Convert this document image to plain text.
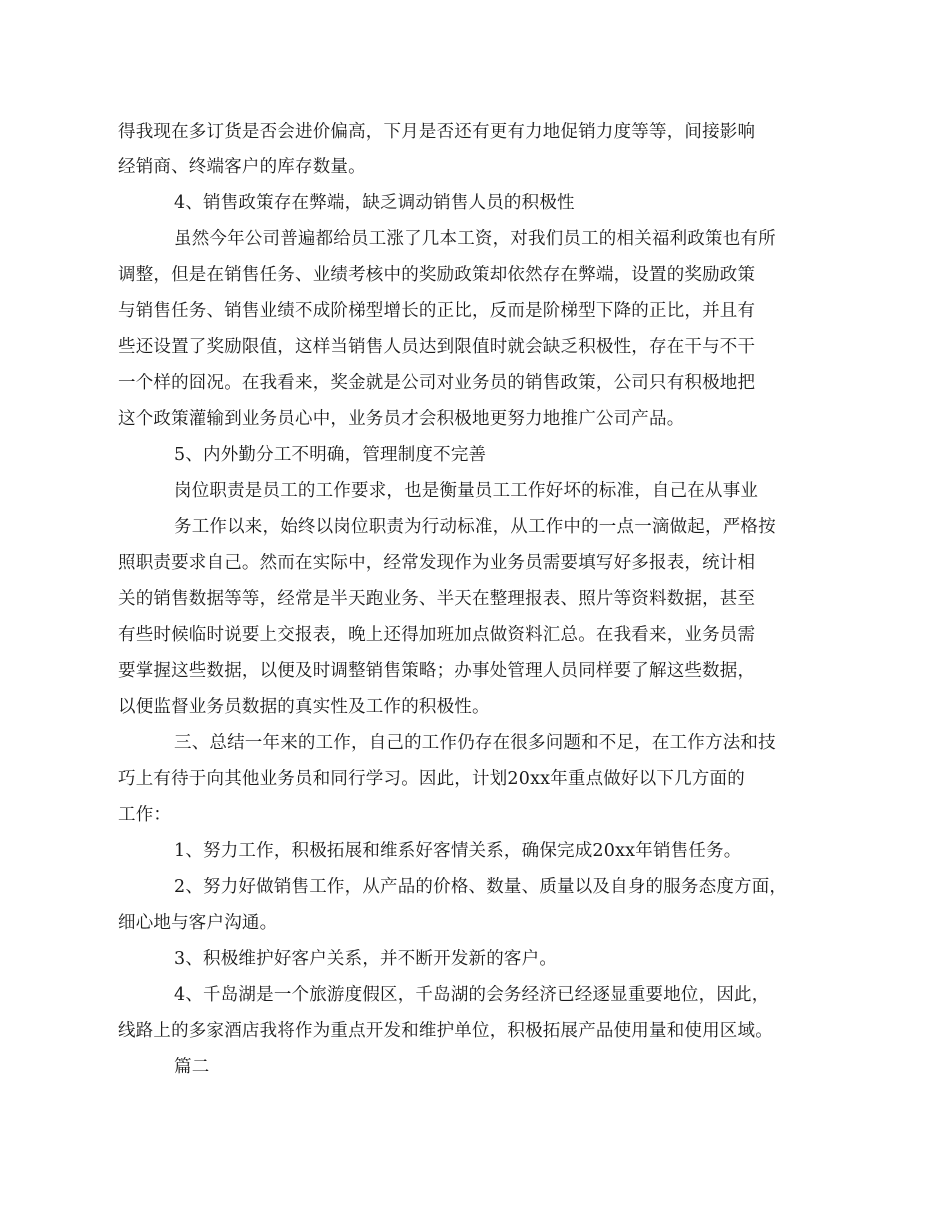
得我现在多订货是否会进价偏高，下月是否还有更有力地促销力度等等，间接影响
经销商、终端客户的库存数量。
4、销售政策存在弊端，缺乏调动销售人员的积极性
虽然今年公司普遍都给员工涨了几本工资，对我们员工的相关福利政策也有所
调整，但是在销售任务、业绩考核中的奖励政策却依然存在弊端，设置的奖励政策
与销售任务、销售业绩不成阶梯型增长的正比，反而是阶梯型下降的正比，并且有
些还设置了奖励限值，这样当销售人员达到限值时就会缺乏积极性，存在干与不干
一个样的囧况。在我看来，奖金就是公司对业务员的销售政策，公司只有积极地把
这个政策灌输到业务员心中，业务员才会积极地更努力地推广公司产品。
5、内外勤分工不明确，管理制度不完善
岗位职责是员工的工作要求，也是衡量员工工作好坏的标准，自己在从事业
务工作以来，始终以岗位职责为行动标准，从工作中的一点一滴做起，严格按
照职责要求自己。然而在实际中，经常发现作为业务员需要填写好多报表，统计相
关的销售数据等等，经常是半天跑业务、半天在整理报表、照片等资料数据，甚至
有些时候临时说要上交报表，晚上还得加班加点做资料汇总。在我看来，业务员需
要掌握这些数据，以便及时调整销售策略；办事处管理人员同样要了解这些数据，
以便监督业务员数据的真实性及工作的积极性。
三、总结一年来的工作，自己的工作仍存在很多问题和不足，在工作方法和技
巧上有待于向其他业务员和同行学习。因此，计划20xx年重点做好以下几方面的
工作：
1、努力工作，积极拓展和维系好客情关系，确保完成20xx年销售任务。
2、努力好做销售工作，从产品的价格、数量、质量以及自身的服务态度方面，
细心地与客户沟通。
3、积极维护好客户关系，并不断开发新的客户。
4、千岛湖是一个旅游度假区，千岛湖的会务经济已经逐显重要地位，因此，
线路上的多家酒店我将作为重点开发和维护单位，积极拓展产品使用量和使用区域。
篇二
